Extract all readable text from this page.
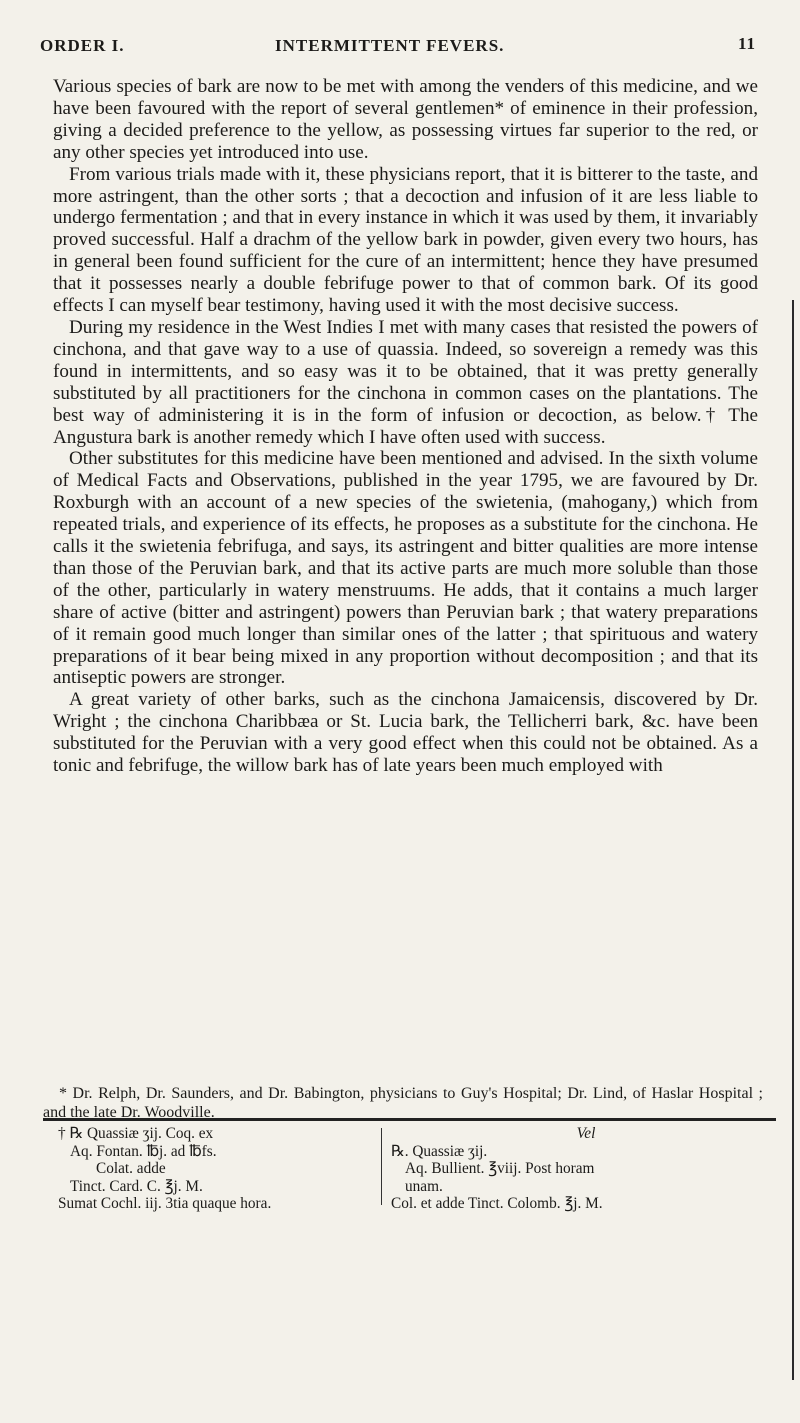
ORDER I.	INTERMITTENT FEVERS.	11

Various species of bark are now to be met with among the venders of this medicine, and we have been favoured with the report of several gentlemen* of eminence in their profession, giving a decided preference to the yellow, as possessing virtues far superior to the red, or any other species yet introduced into use.

From various trials made with it, these physicians report, that it is bitterer to the taste, and more astringent, than the other sorts ; that a decoction and infusion of it are less liable to undergo fermentation ; and that in every instance in which it was used by them, it invariably proved successful. Half a drachm of the yellow bark in powder, given every two hours, has in general been found sufficient for the cure of an intermittent; hence they have presumed that it possesses nearly a double febrifuge power to that of common bark. Of its good effects I can myself bear testimony, having used it with the most decisive success.

During my residence in the West Indies I met with many cases that resisted the powers of cinchona, and that gave way to a use of quassia. Indeed, so sovereign a remedy was this found in intermittents, and so easy was it to be obtained, that it was pretty generally substituted by all practitioners for the cinchona in common cases on the plantations. The best way of administering it is in the form of infusion or decoction, as below.† The Angustura bark is another remedy which I have often used with success.

Other substitutes for this medicine have been mentioned and advised. In the sixth volume of Medical Facts and Observations, published in the year 1795, we are favoured by Dr. Roxburgh with an account of a new species of the swietenia, (mahogany,) which from repeated trials, and experience of its effects, he proposes as a substitute for the cinchona. He calls it the swietenia febrifuga, and says, its astringent and bitter qualities are more intense than those of the Peruvian bark, and that its active parts are much more soluble than those of the other, particularly in watery menstruums. He adds, that it contains a much larger share of active (bitter and astringent) powers than Peruvian bark ; that watery preparations of it remain good much longer than similar ones of the latter ; that spirituous and watery preparations of it bear being mixed in any proportion without decomposition ; and that its antiseptic powers are stronger.

A great variety of other barks, such as the cinchona Jamaicensis, discovered by Dr. Wright ; the cinchona Charibbæa or St. Lucia bark, the Tellicherri bark, &c. have been substituted for the Peruvian with a very good effect when this could not be obtained. As a tonic and febrifuge, the willow bark has of late years been much employed with

* Dr. Relph, Dr. Saunders, and Dr. Babington, physicians to Guy's Hospital; Dr. Lind, of Haslar Hospital ; and the late Dr. Woodville.
† ℞ Quassiæ ʒij. Coq. ex
Aq. Fontan. ℔j. ad ℔fs.
Colat. adde
Tinct. Card. C. ℥j. M.
Sumat Cochl. iij. 3tia quaque hora.
Vel
℞. Quassiæ ʒij.
Aq. Bullient. ℥viij. Post horam
unam.
Col. et adde Tinct. Colomb. ℥j. M.
